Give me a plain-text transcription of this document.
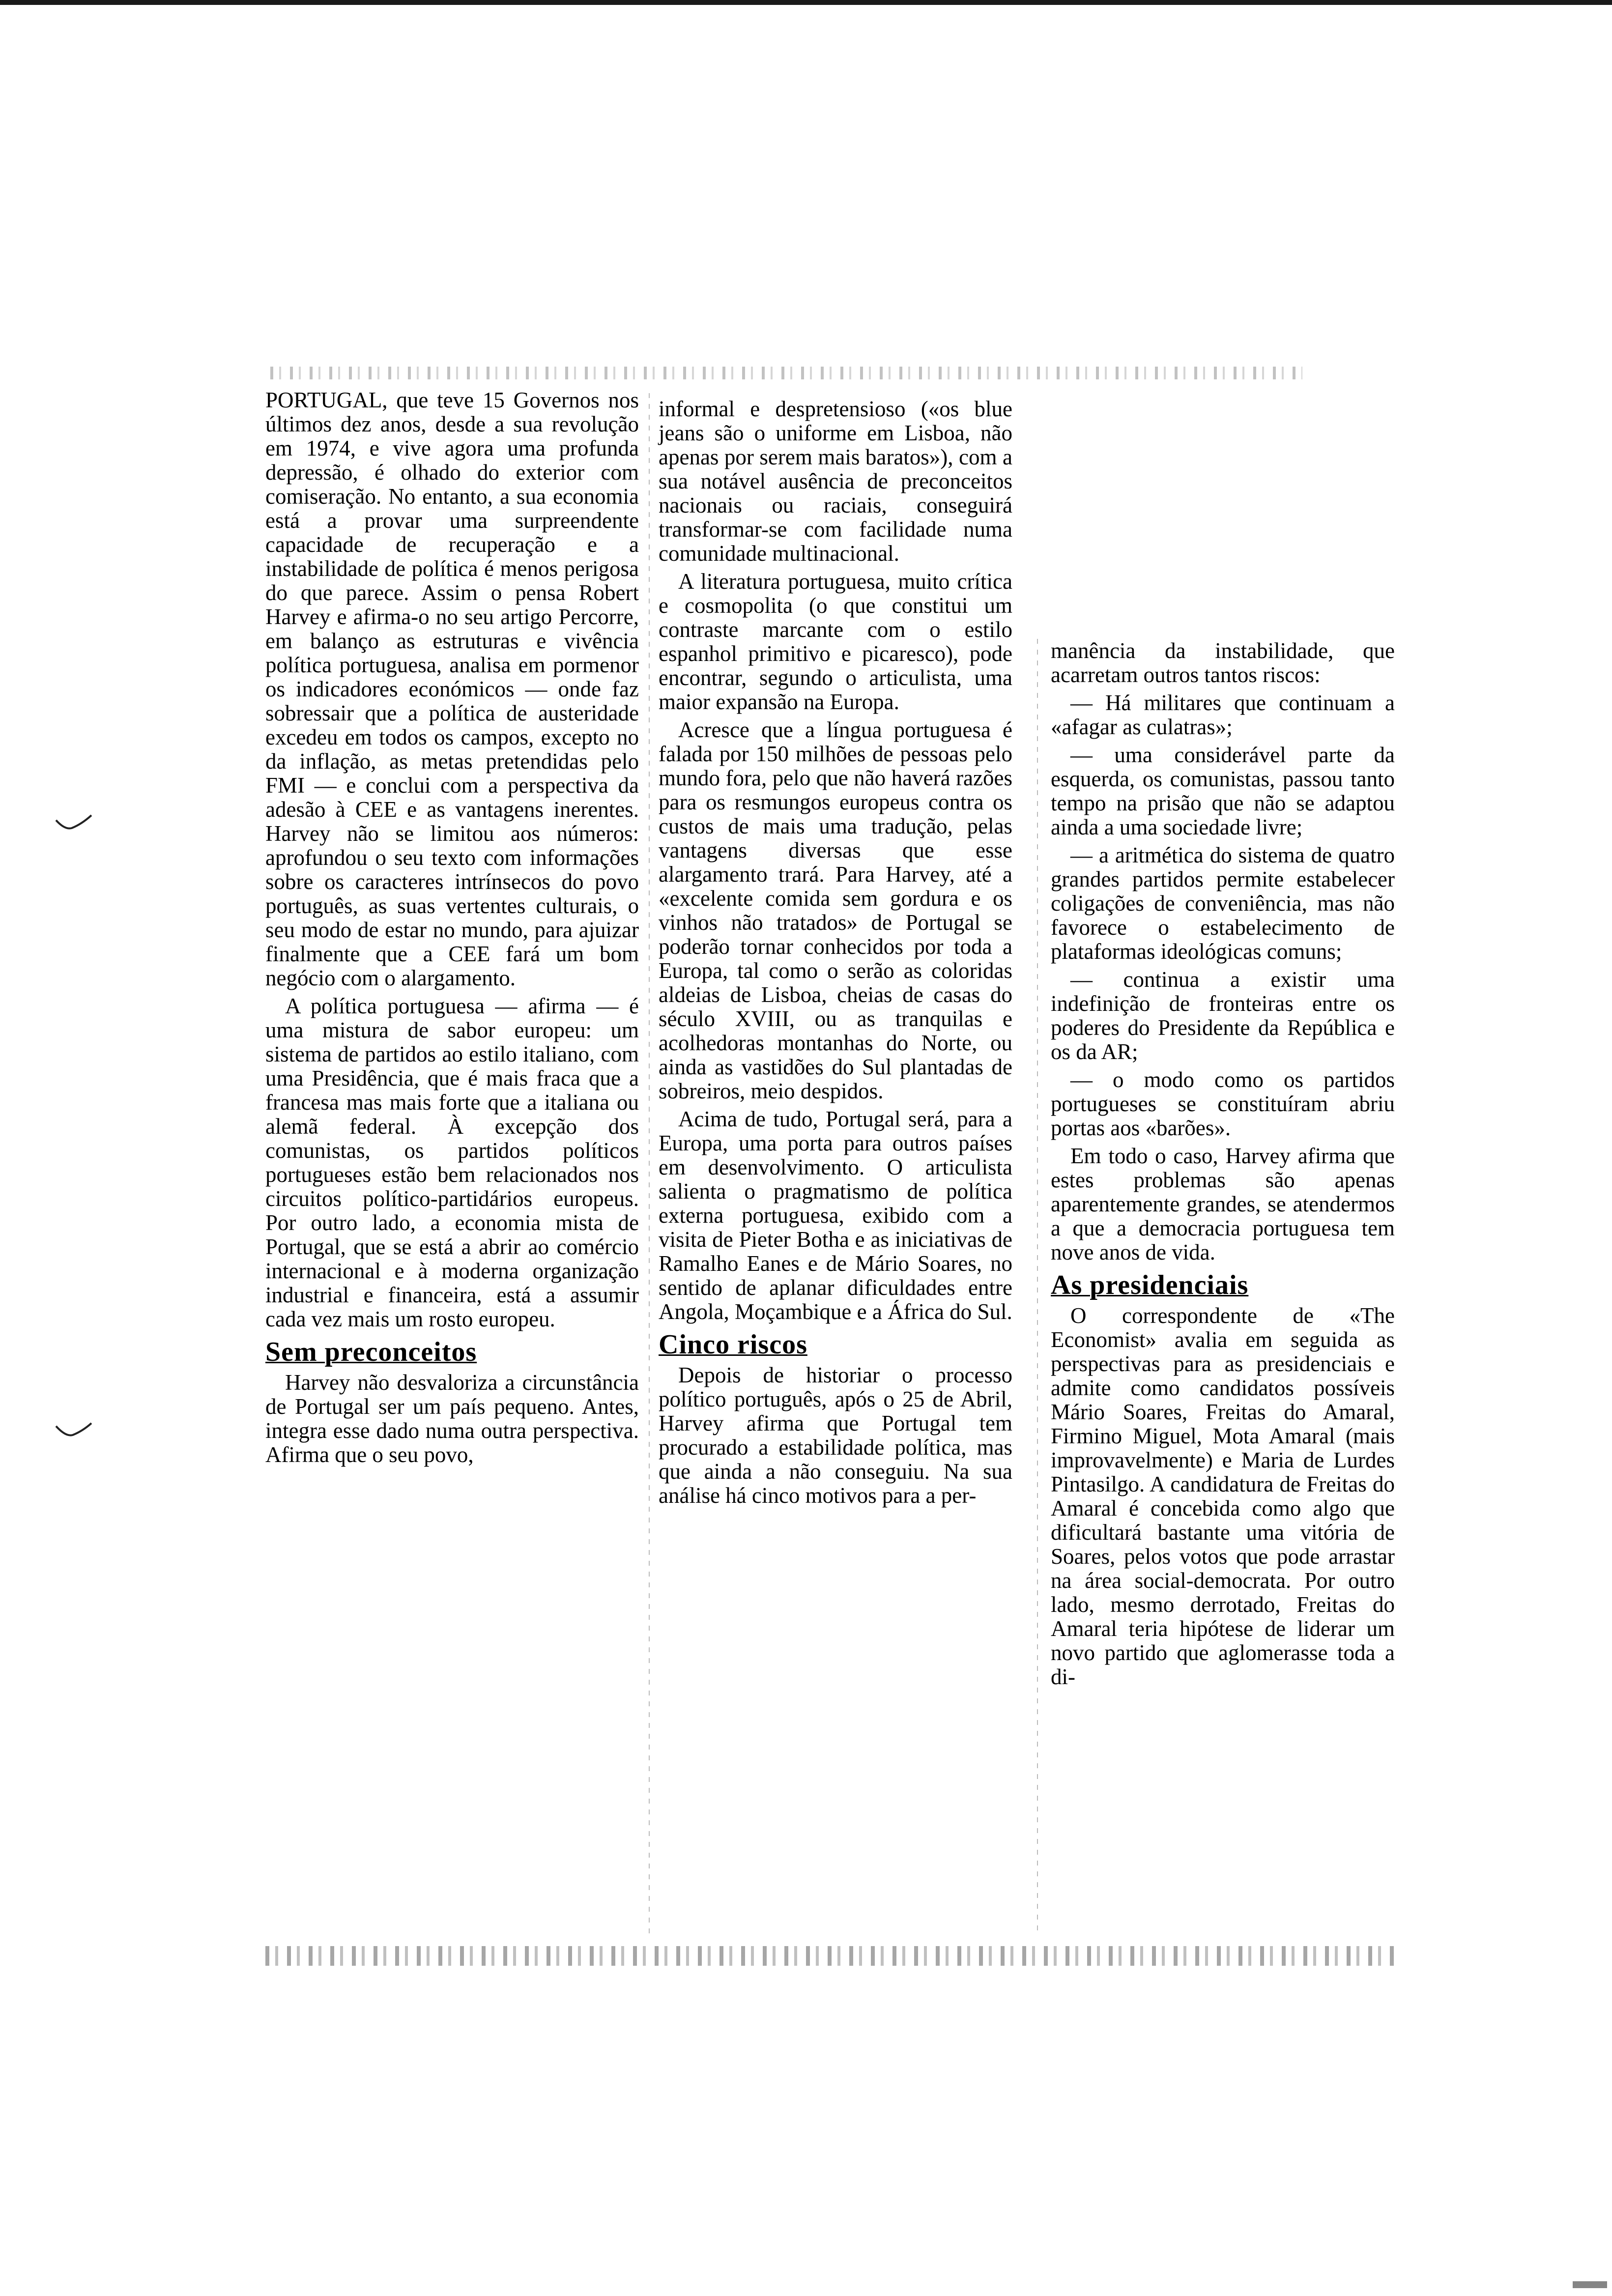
PORTUGAL, que teve 15 Governos nos últimos dez anos, desde a sua revolução em 1974, e vive agora uma profunda depressão, é olhado do exterior com comiseração. No entanto, a sua economia está a provar uma surpreendente capacidade de recuperação e a instabilidade de política é menos perigosa do que parece. Assim o pensa Robert Harvey e afirma-o no seu artigo Percorre, em balanço as estruturas e vivência política portuguesa, analisa em pormenor os indicadores económicos — onde faz sobressair que a política de austeridade excedeu em todos os campos, excepto no da inflação, as metas pretendidas pelo FMI — e conclui com a perspectiva da adesão à CEE e as vantagens inerentes. Harvey não se limitou aos números: aprofundou o seu texto com informações sobre os caracteres intrínsecos do povo português, as suas vertentes culturais, o seu modo de estar no mundo, para ajuizar finalmente que a CEE fará um bom negócio com o alargamento.

A política portuguesa — afirma — é uma mistura de sabor europeu: um sistema de partidos ao estilo italiano, com uma Presidência, que é mais fraca que a francesa mas mais forte que a italiana ou alemã federal. À excepção dos comunistas, os partidos políticos portugueses estão bem relacionados nos circuitos político-partidários europeus. Por outro lado, a economia mista de Portugal, que se está a abrir ao comércio internacional e à moderna organização industrial e financeira, está a assumir cada vez mais um rosto europeu.

Sem preconceitos

Harvey não desvaloriza a circunstância de Portugal ser um país pequeno. Antes, integra esse dado numa outra perspectiva. Afirma que o seu povo,

informal e despretensioso («os blue jeans são o uniforme em Lisboa, não apenas por serem mais baratos»), com a sua notável ausência de preconceitos nacionais ou raciais, conseguirá transformar-se com facilidade numa comunidade multinacional.

A literatura portuguesa, muito crítica e cosmopolita (o que constitui um contraste marcante com o estilo espanhol primitivo e picaresco), pode encontrar, segundo o articulista, uma maior expansão na Europa.

Acresce que a língua portuguesa é falada por 150 milhões de pessoas pelo mundo fora, pelo que não haverá razões para os resmungos europeus contra os custos de mais uma tradução, pelas vantagens diversas que esse alargamento trará. Para Harvey, até a «excelente comida sem gordura e os vinhos não tratados» de Portugal se poderão tornar conhecidos por toda a Europa, tal como o serão as coloridas aldeias de Lisboa, cheias de casas do século XVIII, ou as tranquilas e acolhedoras montanhas do Norte, ou ainda as vastidões do Sul plantadas de sobreiros, meio despidos.

Acima de tudo, Portugal será, para a Europa, uma porta para outros países em desenvolvimento. O articulista salienta o pragmatismo de política externa portuguesa, exibido com a visita de Pieter Botha e as iniciativas de Ramalho Eanes e de Mário Soares, no sentido de aplanar dificuldades entre Angola, Moçambique e a África do Sul.

Cinco riscos

Depois de historiar o processo político português, após o 25 de Abril, Harvey afirma que Portugal tem procurado a estabilidade política, mas que ainda a não conseguiu. Na sua análise há cinco motivos para a per-

manência da instabilidade, que acarretam outros tantos riscos:

— Há militares que continuam a «afagar as culatras»;

— uma considerável parte da esquerda, os comunistas, passou tanto tempo na prisão que não se adaptou ainda a uma sociedade livre;

— a aritmética do sistema de quatro grandes partidos permite estabelecer coligações de conveniência, mas não favorece o estabelecimento de plataformas ideológicas comuns;

— continua a existir uma indefinição de fronteiras entre os poderes do Presidente da República e os da AR;

— o modo como os partidos portugueses se constituíram abriu portas aos «barões».

Em todo o caso, Harvey afirma que estes problemas são apenas aparentemente grandes, se atendermos a que a democracia portuguesa tem nove anos de vida.

As presidenciais

O correspondente de «The Economist» avalia em seguida as perspectivas para as presidenciais e admite como candidatos possíveis Mário Soares, Freitas do Amaral, Firmino Miguel, Mota Amaral (mais improvavelmente) e Maria de Lurdes Pintasilgo. A candidatura de Freitas do Amaral é concebida como algo que dificultará bastante uma vitória de Soares, pelos votos que pode arrastar na área social-democrata. Por outro lado, mesmo derrotado, Freitas do Amaral teria hipótese de liderar um novo partido que aglomerasse toda a di-
